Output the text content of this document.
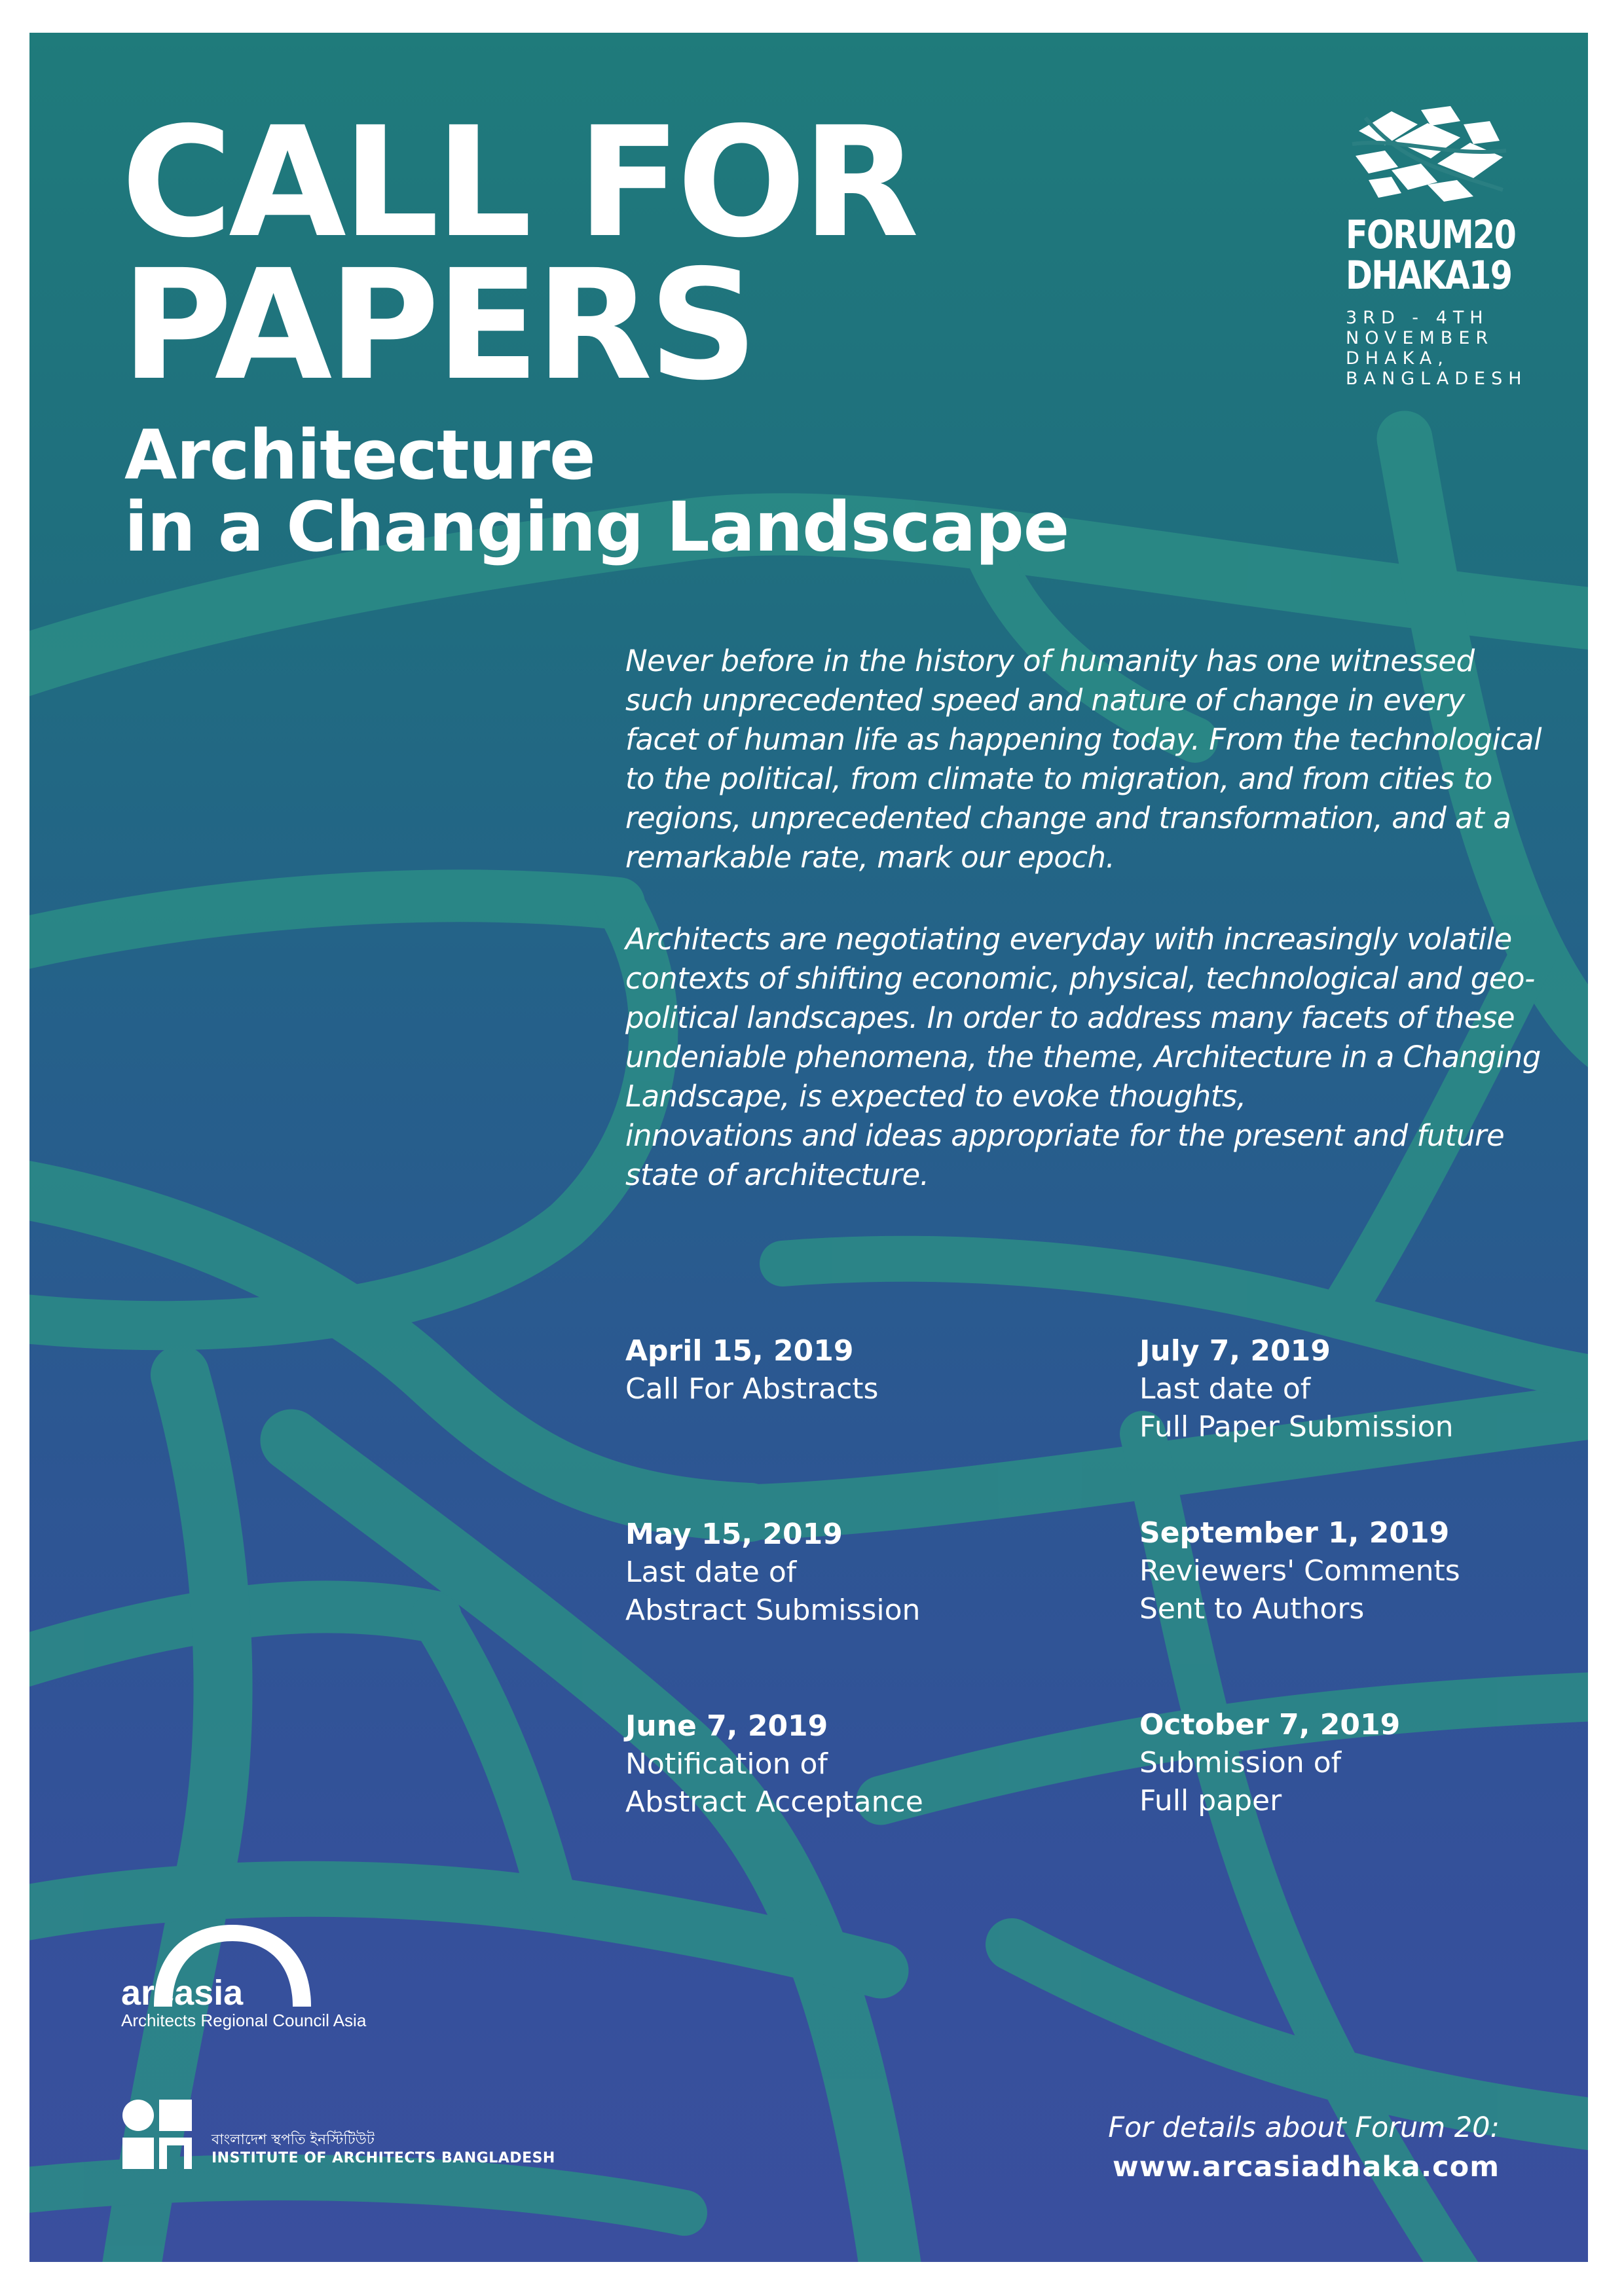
CALL FOR
PAPERS
Architecture
in a Changing Landscape
FORUM20
DHAKA19
3RD - 4TH
NOVEMBER
DHAKA,
BANGLADESH

Never before in the history of humanity has one witnessed such unprecedented speed and nature of change in every facet of human life as happening today. From the technological to the political, from climate to migration, and from cities to regions, unprecedented change and transformation, and at a remarkable rate, mark our epoch.

Architects are negotiating everyday with increasingly volatile contexts of shifting economic, physical, technological and geo-political landscapes. In order to address many facets of these undeniable phenomena, the theme, Architecture in a Changing Landscape, is expected to evoke thoughts,

innovations and ideas appropriate for the present and future state of architecture.

April 15, 2019
Call For Abstracts
July 7, 2019
Last date of
Full Paper Submission
May 15, 2019
Last date of
Abstract Submission
September 1, 2019
Reviewers' Comments
Sent to Authors
June 7, 2019
Notification of
Abstract Acceptance
October 7, 2019
Submission of
Full paper
arcasia
Architects Regional Council Asia
বাংলাদেশ স্থপতি ইনস্টিটিউট
INSTITUTE OF ARCHITECTS BANGLADESH
For details about Forum 20:
www.arcasiadhaka.com
